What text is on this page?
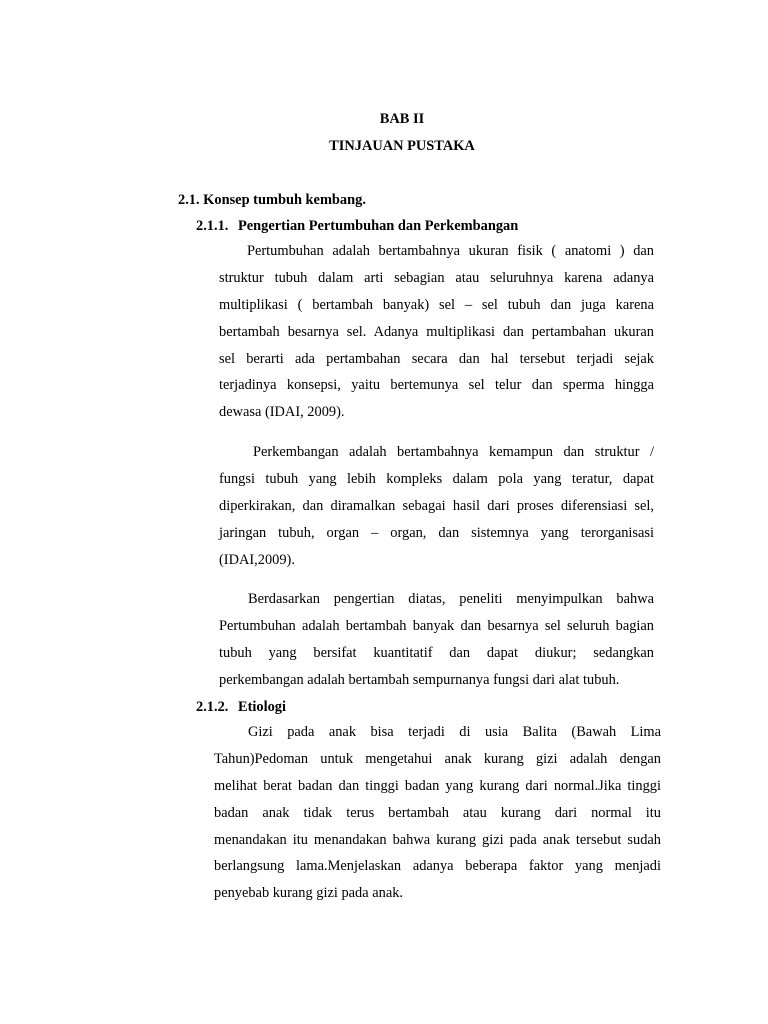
BAB II
TINJAUAN PUSTAKA
2.1. Konsep tumbuh kembang.
2.1.1. Pengertian Pertumbuhan dan Perkembangan
Pertumbuhan adalah bertambahnya ukuran fisik ( anatomi ) dan
struktur tubuh dalam arti sebagian atau seluruhnya karena adanya
multiplikasi ( bertambah banyak) sel – sel tubuh dan juga karena
bertambah besarnya sel. Adanya multiplikasi dan pertambahan ukuran
sel berarti ada pertambahan secara dan hal tersebut terjadi sejak
terjadinya konsepsi, yaitu bertemunya sel telur dan sperma hingga
dewasa (IDAI, 2009).
Perkembangan adalah bertambahnya kemampun dan struktur /
fungsi tubuh yang lebih kompleks dalam pola yang teratur, dapat
diperkirakan, dan diramalkan sebagai hasil dari proses diferensiasi sel,
jaringan tubuh, organ – organ, dan sistemnya yang terorganisasi
(IDAI,2009).
Berdasarkan pengertian diatas, peneliti menyimpulkan bahwa
Pertumbuhan adalah bertambah banyak dan besarnya sel seluruh bagian
tubuh yang bersifat kuantitatif dan dapat diukur; sedangkan
perkembangan adalah bertambah sempurnanya fungsi dari alat tubuh.
2.1.2. Etiologi
Gizi pada anak bisa terjadi di usia Balita (Bawah Lima
Tahun)Pedoman untuk mengetahui anak kurang gizi adalah dengan
melihat berat badan dan tinggi badan yang kurang dari normal.Jika tinggi
badan anak tidak terus bertambah atau kurang dari normal itu
menandakan itu menandakan bahwa kurang gizi pada anak tersebut sudah
berlangsung lama.Menjelaskan adanya beberapa faktor yang menjadi
penyebab kurang gizi pada anak.
